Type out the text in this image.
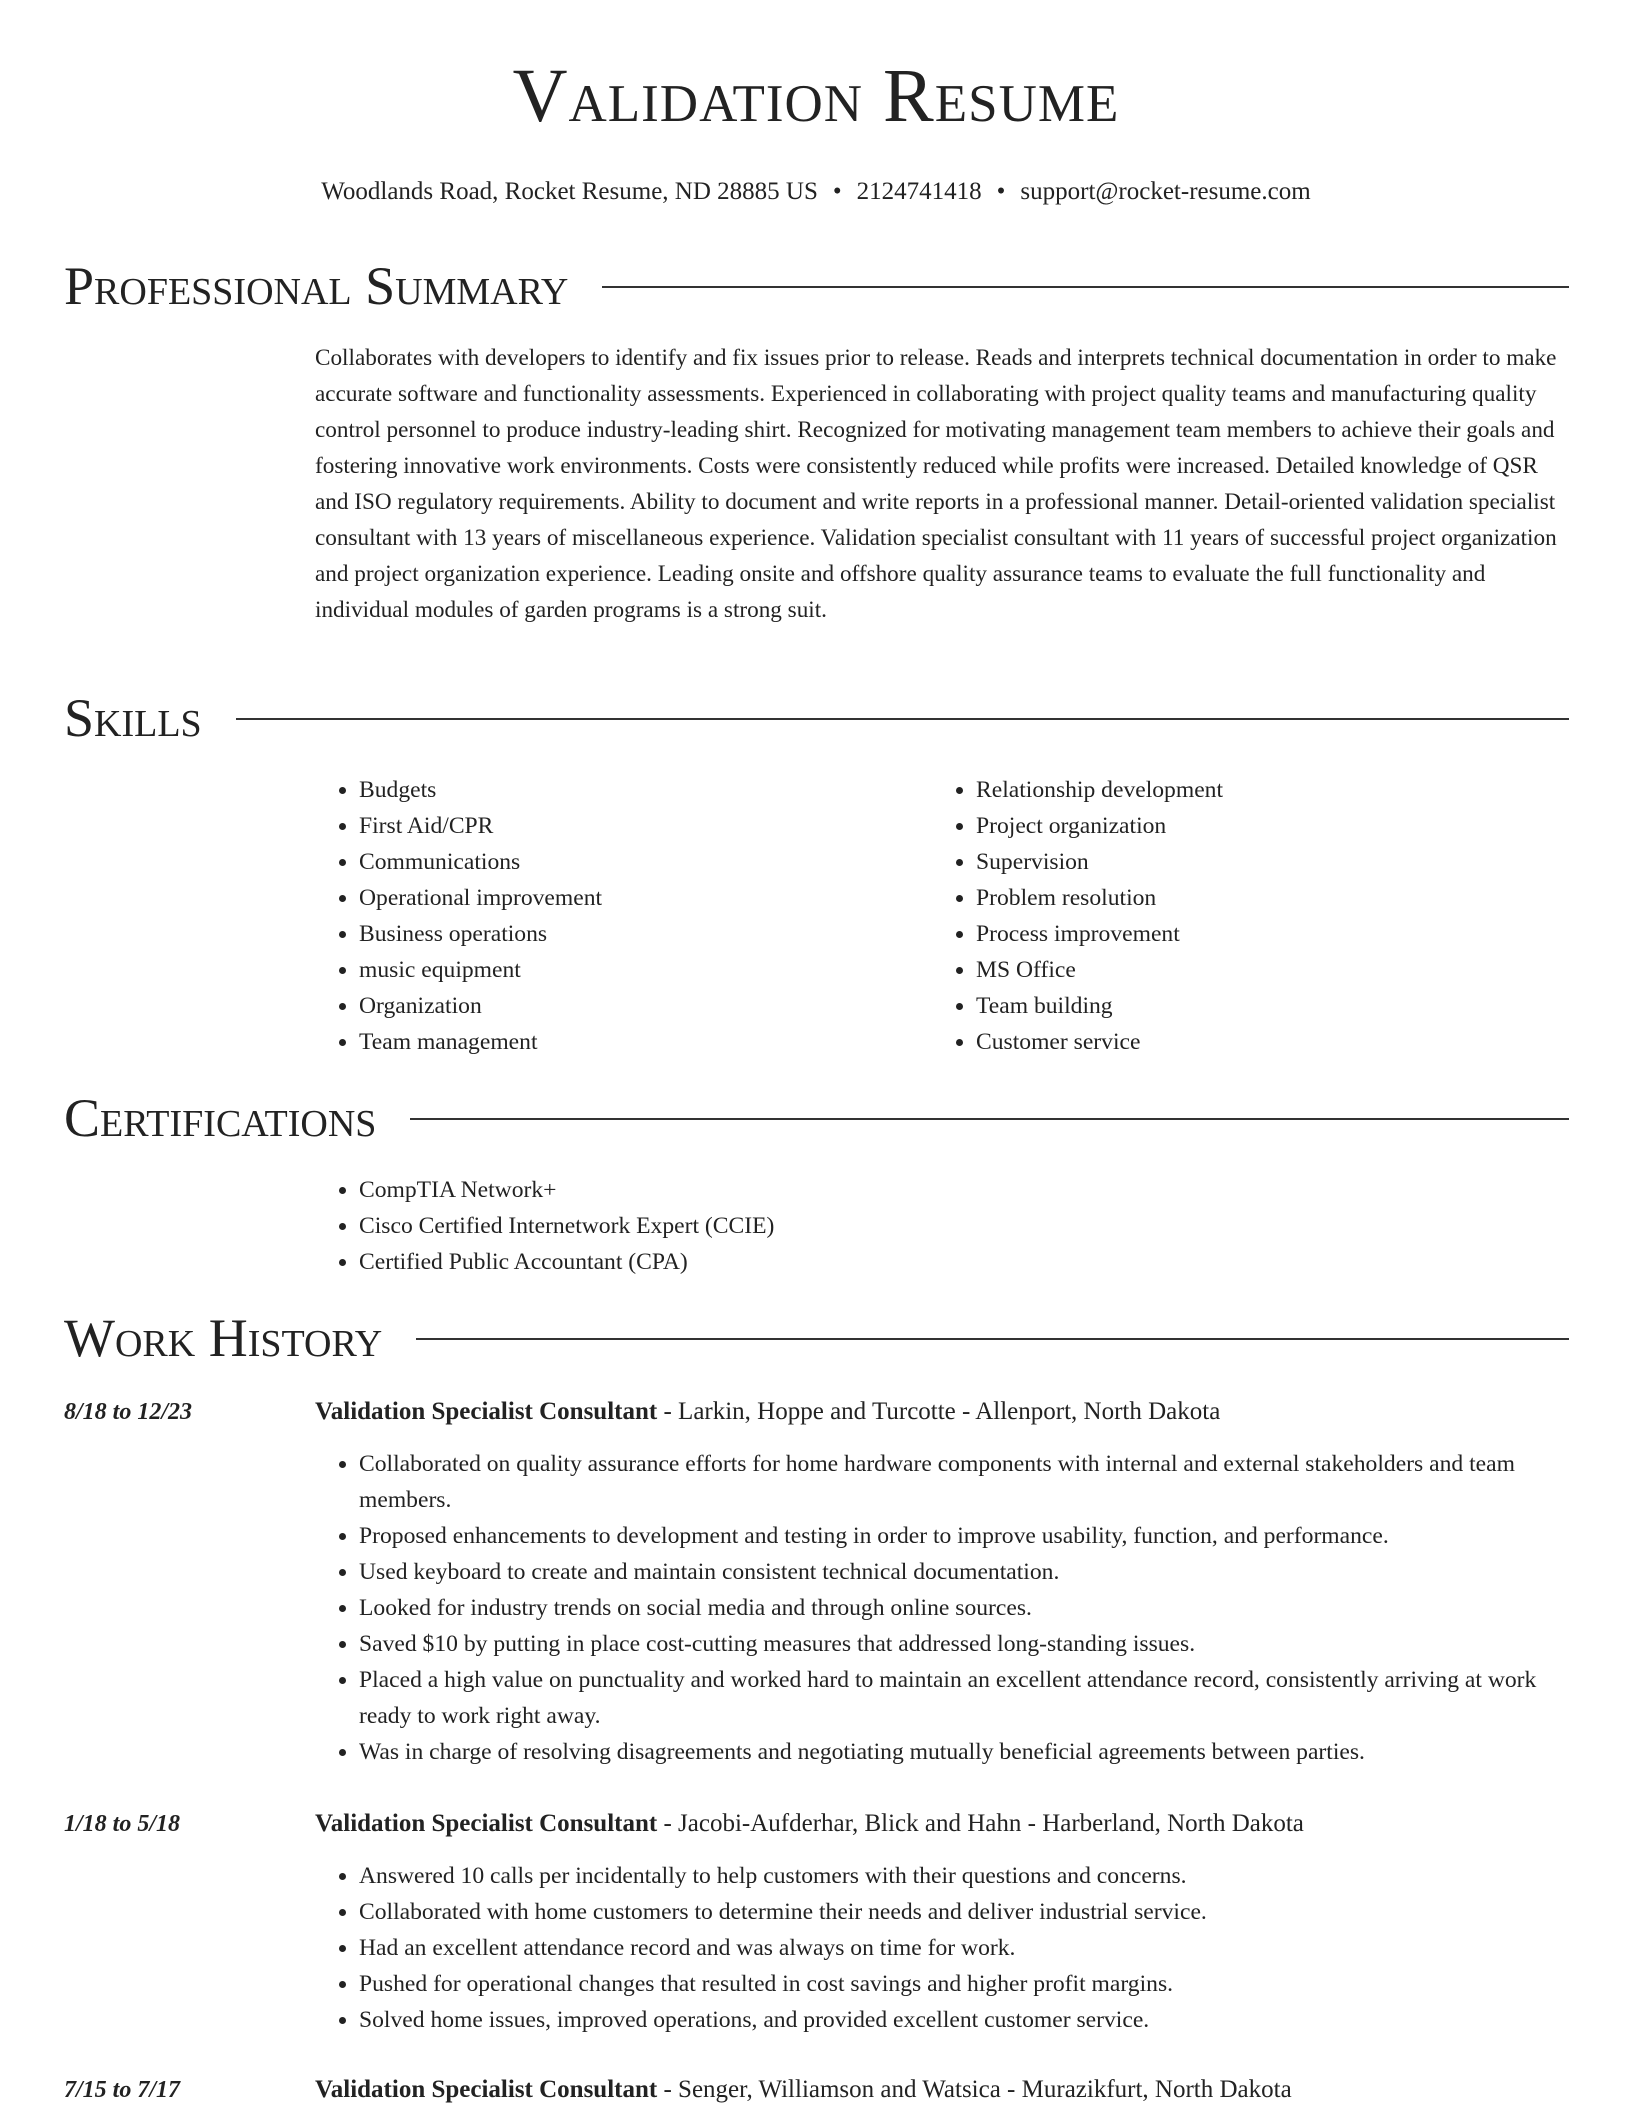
Validation Resume
Woodlands Road, Rocket Resume, ND 28885 US • 2124741418 • support@rocket-resume.com
Professional Summary

Collaborates with developers to identify and fix issues prior to release. Reads and interprets technical documentation in order to make accurate software and functionality assessments. Experienced in collaborating with project quality teams and manufacturing quality control personnel to produce industry-leading shirt. Recognized for motivating management team members to achieve their goals and fostering innovative work environments. Costs were consistently reduced while profits were increased. Detailed knowledge of QSR and ISO regulatory requirements. Ability to document and write reports in a professional manner. Detail-oriented validation specialist consultant with 13 years of miscellaneous experience. Validation specialist consultant with 11 years of successful project organization and project organization experience. Leading onsite and offshore quality assurance teams to evaluate the full functionality and individual modules of garden programs is a strong suit.

Skills
• Budgets
• First Aid/CPR
• Communications
• Operational improvement
• Business operations
• music equipment
• Organization
• Team management
• Relationship development
• Project organization
• Supervision
• Problem resolution
• Process improvement
• MS Office
• Team building
• Customer service
Certifications
• CompTIA Network+
• Cisco Certified Internetwork Expert (CCIE)
• Certified Public Accountant (CPA)
Work History
8/18 to 12/23	Validation Specialist Consultant - Larkin, Hoppe and Turcotte - Allenport, North Dakota
• Collaborated on quality assurance efforts for home hardware components with internal and external stakeholders and team members.
• Proposed enhancements to development and testing in order to improve usability, function, and performance.
• Used keyboard to create and maintain consistent technical documentation.
• Looked for industry trends on social media and through online sources.
• Saved $10 by putting in place cost-cutting measures that addressed long-standing issues.
• Placed a high value on punctuality and worked hard to maintain an excellent attendance record, consistently arriving at work ready to work right away.
• Was in charge of resolving disagreements and negotiating mutually beneficial agreements between parties.
1/18 to 5/18	Validation Specialist Consultant - Jacobi-Aufderhar, Blick and Hahn - Harberland, North Dakota
• Answered 10 calls per incidentally to help customers with their questions and concerns.
• Collaborated with home customers to determine their needs and deliver industrial service.
• Had an excellent attendance record and was always on time for work.
• Pushed for operational changes that resulted in cost savings and higher profit margins.
• Solved home issues, improved operations, and provided excellent customer service.
7/15 to 7/17	Validation Specialist Consultant - Senger, Williamson and Watsica - Murazikfurt, North Dakota
